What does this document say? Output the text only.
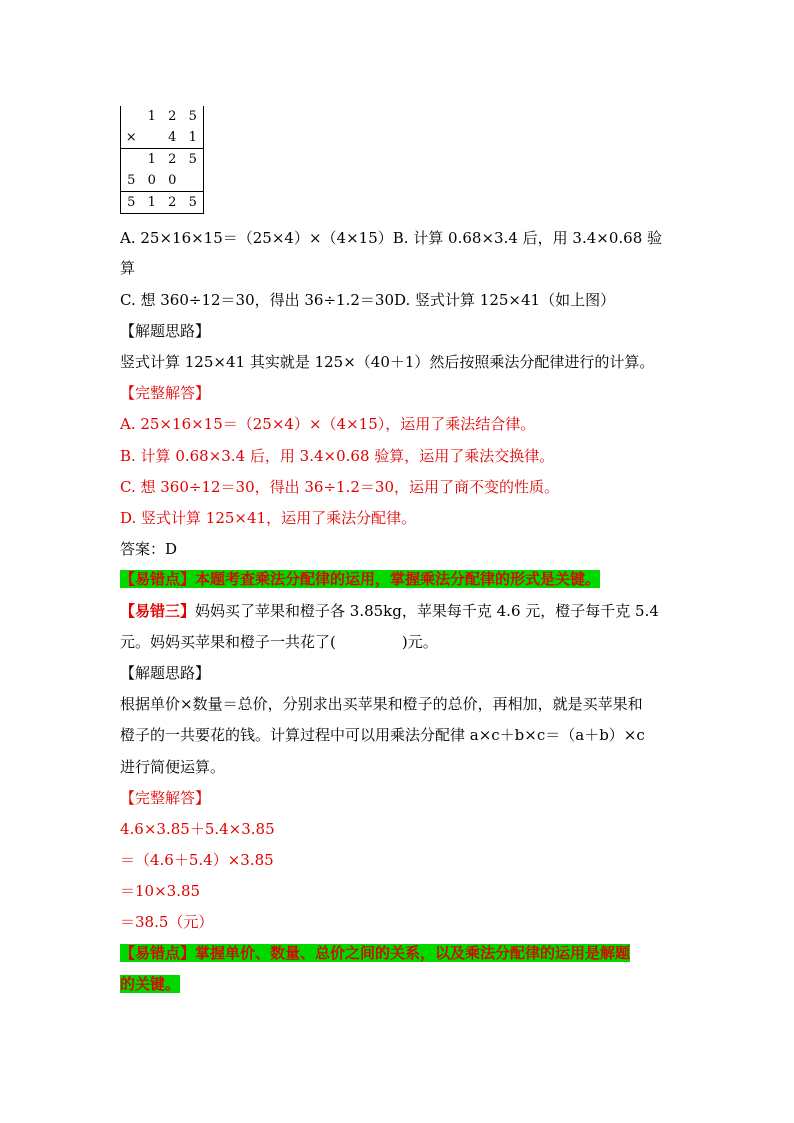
1 2 5
×	4 1
1 2 5
5 0 0
5 1 2 5
A. 25×16×15＝（25×4）×（4×15）B. 计算 0.68×3.4 后，用 3.4×0.68 验
算
C. 想 360÷12＝30，得出 36÷1.2＝30D. 竖式计算 125×41（如上图）
【解题思路】
竖式计算 125×41 其实就是 125×（40＋1）然后按照乘法分配律进行的计算。
【完整解答】
A. 25×16×15＝（25×4）×（4×15），运用了乘法结合律。
B. 计算 0.68×3.4 后，用 3.4×0.68 验算，运用了乘法交换律。
C. 想 360÷12＝30，得出 36÷1.2＝30，运用了商不变的性质。
D. 竖式计算 125×41，运用了乘法分配律。
答案：D
【易错点】本题考查乘法分配律的运用，掌握乘法分配律的形式是关键。
【易错三】妈妈买了苹果和橙子各 3.85kg，苹果每千克 4.6 元，橙子每千克 5.4
元。妈妈买苹果和橙子一共花了(	)元。
【解题思路】
根据单价×数量＝总价，分别求出买苹果和橙子的总价，再相加，就是买苹果和
橙子的一共要花的钱。计算过程中可以用乘法分配律 a×c＋b×c＝（a＋b）×c
进行简便运算。
【完整解答】
4.6×3.85＋5.4×3.85
＝（4.6＋5.4）×3.85
＝10×3.85
＝38.5（元）
【易错点】掌握单价、数量、总价之间的关系，以及乘法分配律的运用是解题
的关键。
